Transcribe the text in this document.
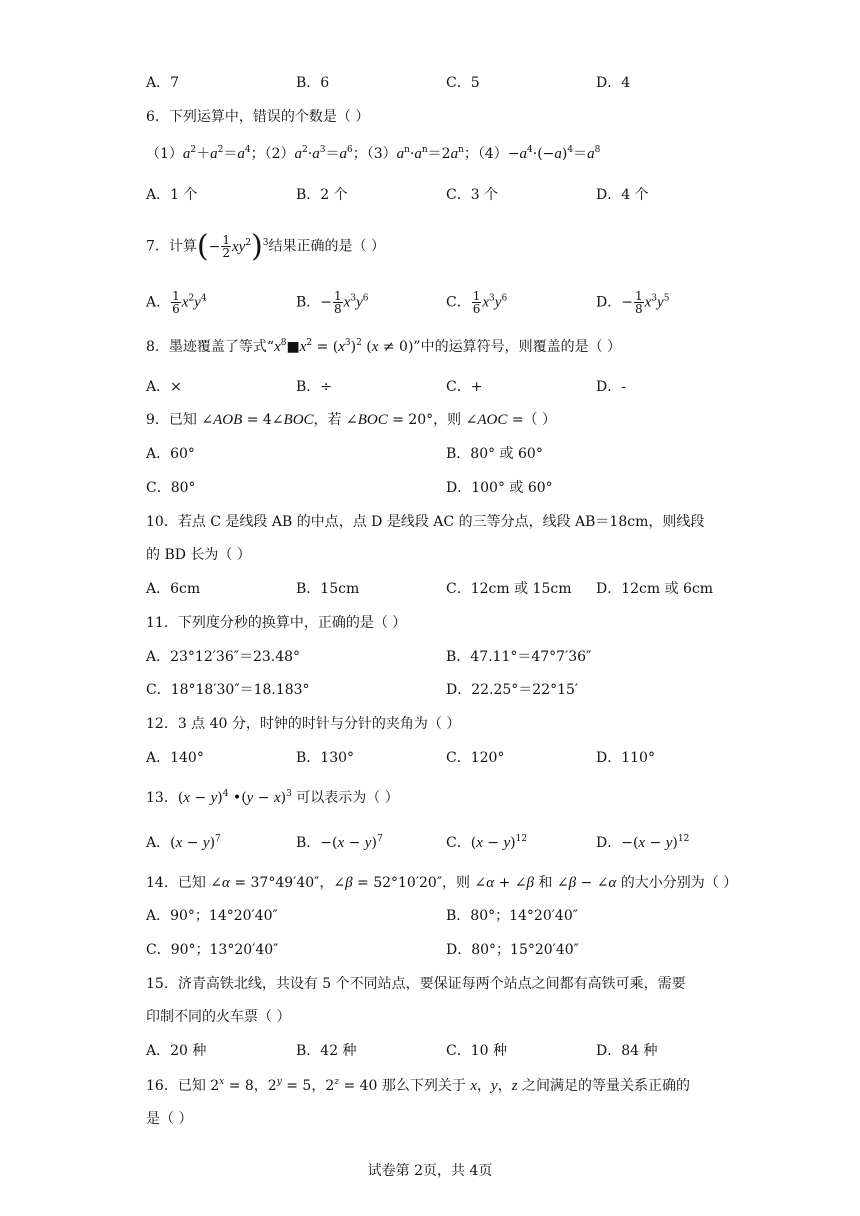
A．7	B．6	C．5	D．4
6．下列运算中，错误的个数是（ ）
$(1)a^2+a^2=a^4$；$(2)a^2\cdot a^3=a^6$；$(3)a^n\cdot a^n=2a^n$；$(4)-a^4\cdot(-a)^4=a^8$
A．1 个	B．2 个	C．3 个	D．4 个
7．计算(− $\frac{1}{2} xy^2)^3$结果正确的是（ ）
A． $\frac{1}{6} x^2y^4$	B．− $\frac{1}{8} x^3y^6$	C． $\frac{1}{6} x^3y^6$	D．− $\frac{1}{8} x^3y^5$
8．墨迹覆盖了等式“$x^8■x^2 = (x^3)^2$ (x ≠ 0)”中的运算符号，则覆盖的是（ ）
A．×	B．÷	C．+	D．-
9．已知 ∠AOB = 4∠BOC，若 ∠BOC = 20°，则 ∠AOC =（ ）
A．60°	B．80° 或 60°
C．80°	D．100° 或 60°
10．若点 C 是线段 AB 的中点，点 D 是线段 AC 的三等分点，线段 AB＝18cm，则线段
的 BD 长为（ ）
A．6cm	B．15cm	C．12cm 或 15cm D．12cm 或 6cm
11．下列度分秒的换算中，正确的是（ ）
A．23°12′36″＝23.48°	B．47.11°＝47°7′36″
C．18°18′30″＝18.183°	D．22.25°＝22°15′
12．3 点 40 分，时钟的时针与分针的夹角为（ ）
A．140°	B．130°	C．120°	D．110°
13．$(x - y)^4$ •(y − x)$^3$ 可以表示为（ ）
A．$(x - y)^7$	B．$-(x - y)^7$	C．$(x - y)^{12}$	D．$-(x - y)^{12}$
14．已知 ∠α = 37°49′40″，∠β = 52°10′20″，则 ∠α + ∠β 和 ∠β − ∠α 的大小分别为（ ）
A．90°；14°20′40″	B．80°；14°20′40″
C．90°；13°20′40″	D．80°；15°20′40″
15．济青高铁北线，共设有 5 个不同站点，要保证每两个站点之间都有高铁可乘，需要
印制不同的火车票（ ）
A．20 种	B．42 种	C．10 种	D．84 种
16．已知 $2^x = 8$，$2^y = 5$，$2^z = 40$ 那么下列关于 x，y，z 之间满足的等量关系正确的
是（ ）
试卷第 2页，共 4页
